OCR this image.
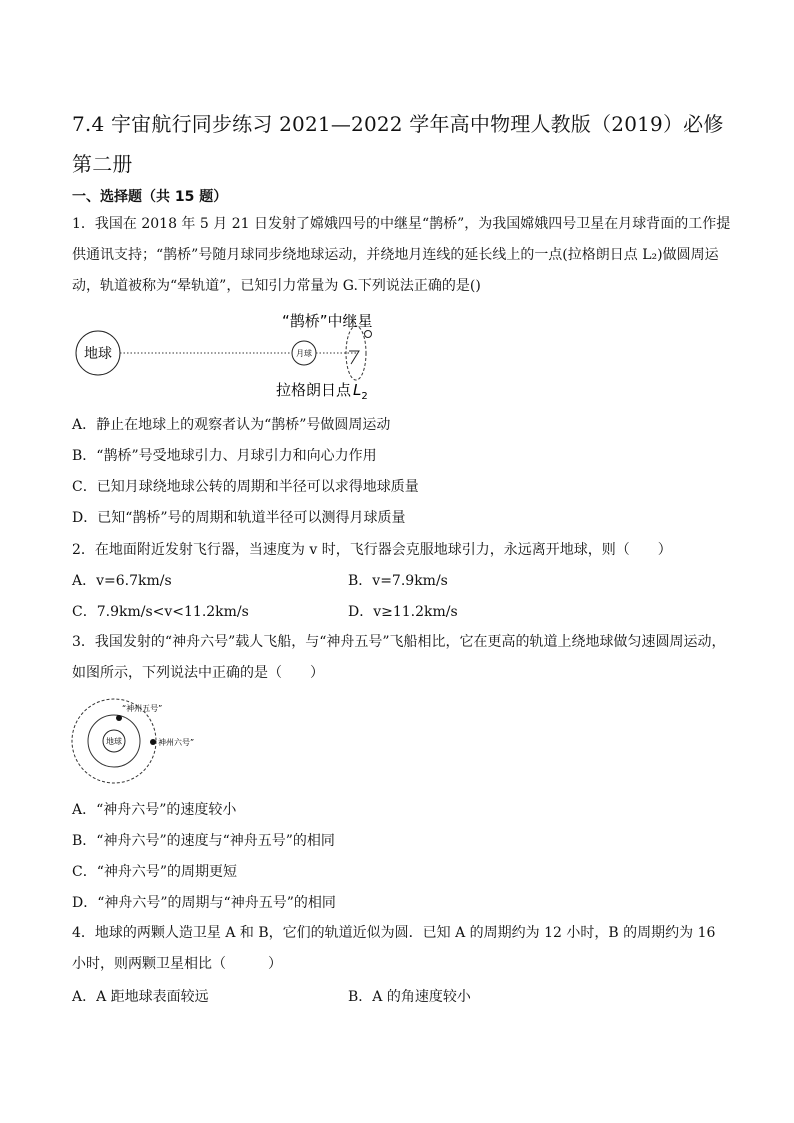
7.4 宇宙航行同步练习 2021—2022 学年高中物理人教版（2019）必修第二册
一、选择题（共 15 题）
1．我国在 2018 年 5 月 21 日发射了嫦娥四号的中继星“鹊桥”，为我国嫦娥四号卫星在月球背面的工作提供通讯支持；“鹊桥”号随月球同步绕地球运动，并绕地月连线的延长线上的一点(拉格朗日点 L₂)做圆周运动，轨道被称为“晕轨道”，已知引力常量为 G.下列说法正确的是()
地球	月球
“鹊桥”中继星
拉格朗日点 $L_2$
A．静止在地球上的观察者认为“鹊桥”号做圆周运动
B．“鹊桥”号受地球引力、月球引力和向心力作用
C．已知月球绕地球公转的周期和半径可以求得地球质量
D．已知“鹊桥”号的周期和轨道半径可以测得月球质量
2．在地面附近发射飞行器，当速度为 v 时，飞行器会克服地球引力，永远离开地球，则（　　）
A．v=6.7km/s	B．v=7.9km/s
C．7.9km/s<v<11.2km/s	D．v≥11.2km/s
3．我国发射的“神舟六号”载人飞船，与“神舟五号”飞船相比，它在更高的轨道上绕地球做匀速圆周运动，如图所示，下列说法中正确的是（　　）
地球
“神州五号”
神州六号”
A．“神舟六号”的速度较小
B．“神舟六号”的速度与“神舟五号”的相同
C．“神舟六号”的周期更短
D．“神舟六号”的周期与“神舟五号”的相同
4．地球的两颗人造卫星 A 和 B，它们的轨道近似为圆．已知 A 的周期约为 12 小时，B 的周期约为 16 小时，则两颗卫星相比（　　　）
A．A 距地球表面较远	B．A 的角速度较小
